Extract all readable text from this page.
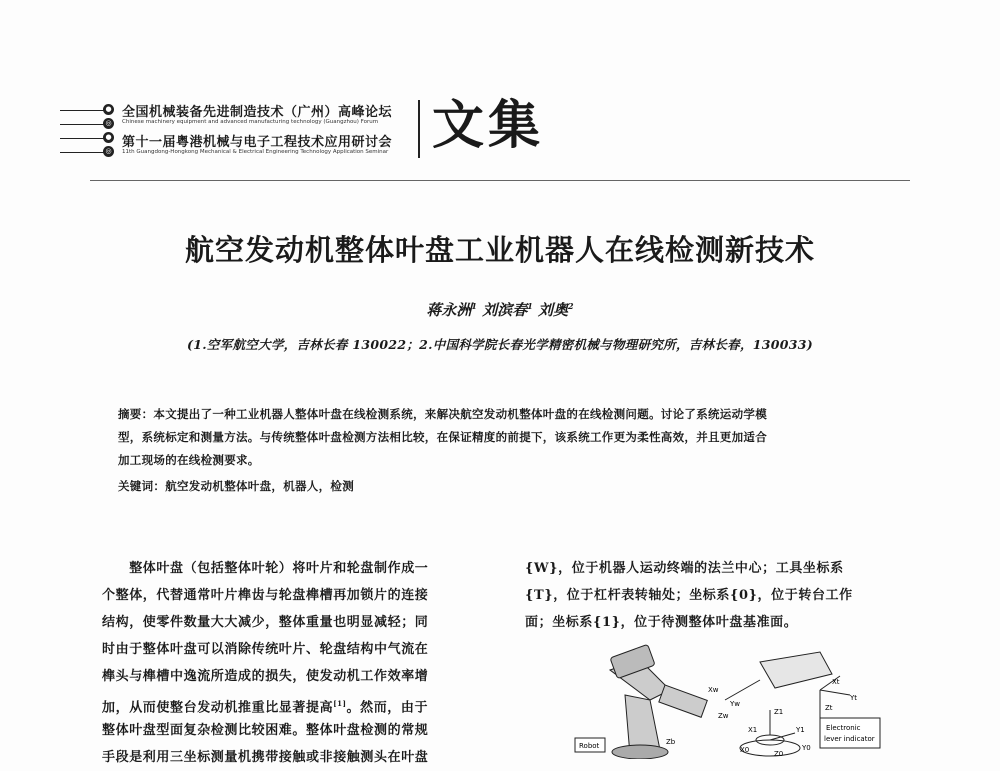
●
◎
●
◎
全国机械装备先进制造技术（广州）高峰论坛
Chinese machinery equipment and advanced manufacturing technology (Guangzhou) Forum
第十一届粤港机械与电子工程技术应用研讨会
11th Guangdong-Hongkong Mechanical & Electrical Engineering Technology Application Seminar 文集
航空发动机整体叶盘工业机器人在线检测新技术
蒋永洲$^1$ 刘滨春$^1$ 刘奥$^2$
(1.空军航空大学，吉林长春 130022；2.中国科学院长春光学精密机械与物理研究所，吉林长春，130033)
摘要：本文提出了一种工业机器人整体叶盘在线检测系统，来解决航空发动机整体叶盘的在线检测问题。讨论了系统运动学模
型，系统标定和测量方法。与传统整体叶盘检测方法相比较，在保证精度的前提下，该系统工作更为柔性高效，并且更加适合
加工现场的在线检测要求。
关键词：航空发动机整体叶盘，机器人，检测
　　整体叶盘（包括整体叶轮）将叶片和轮盘制作成一
个整体，代替通常叶片榫齿与轮盘榫槽再加锁片的连接
结构，使零件数量大大减少，整体重量也明显减轻；同
时由于整体叶盘可以消除传统叶片、轮盘结构中气流在
榫头与榫槽中逸流所造成的损失，使发动机工作效率增
加，从而使整台发动机推重比显著提高[1]。然而，由于
整体叶盘型面复杂检测比较困难。整体叶盘检测的常规
手段是利用三坐标测量机携带接触或非接触测头在叶盘
{W}，位于机器人运动终端的法兰中心；工具坐标系
{T}，位于杠杆表转轴处；坐标系{0}，位于转台工作
面；坐标系{1}，位于待测整体叶盘基准面。
Robot
Electronic
lever indicator
Xw
Yw
Zw
Xt
Yt
Zt
Z1
Y1
X1
Z0
Y0
X0
Zb
